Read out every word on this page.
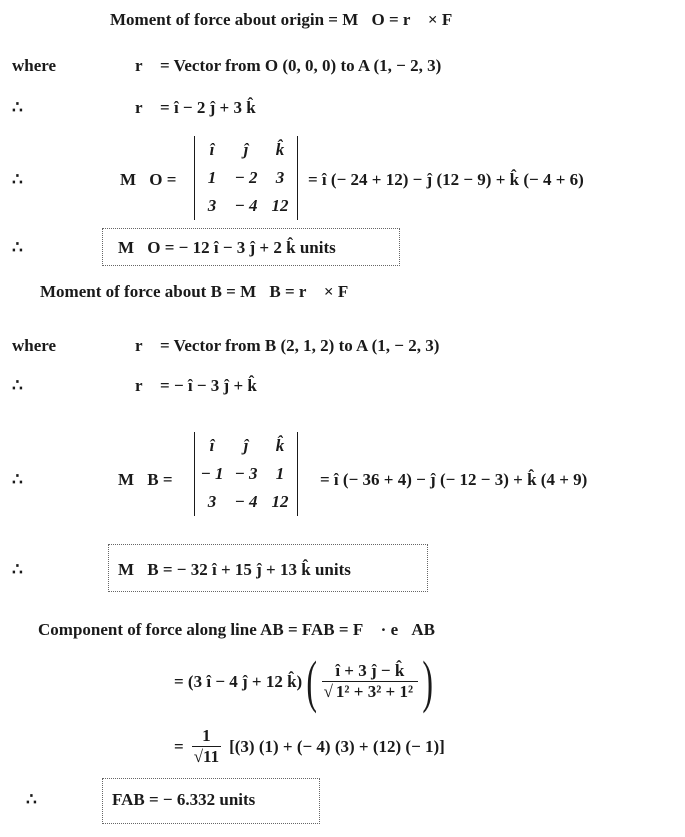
Moment of force about origin = M⃗O = r⃗ × F⃗
where	r⃗ = Vector from O (0, 0, 0) to A (1, − 2, 3)
∴	r⃗ = î − 2 ĵ + 3 k̂
∴	M⃗O =
î	ĵ	k̂
1	− 2	3
3	− 4	12
= î (− 24 + 12) − ĵ (12 − 9) + k̂ (− 4 + 6)
∴	M⃗O = − 12 î − 3 ĵ + 2 k̂ units
Moment of force about B = M⃗B = r⃗ × F⃗
where	r⃗ = Vector from B (2, 1, 2) to A (1, − 2, 3)
∴	r⃗ = − î − 3 ĵ + k̂
∴	M⃗B =
î	ĵ	k̂
− 1	− 3	1
3	− 4	12
= î (− 36 + 4) − ĵ (− 12 − 3) + k̂ (4 + 9)
∴	M⃗B = − 32 î + 15 ĵ + 13 k̂ units
Component of force along line AB = FAB = F⃗ · e⃗AB
= (3 î − 4 ĵ + 12 k̂) ( $\frac{î + 3 ĵ - k̂}{\text{√ 1² + 3² + 1²}}$ )
= $\frac{1}{√11} [(3) (1)$ + (− 4) (3) + (12) (− 1)]
∴	FAB = − 6.332 units
